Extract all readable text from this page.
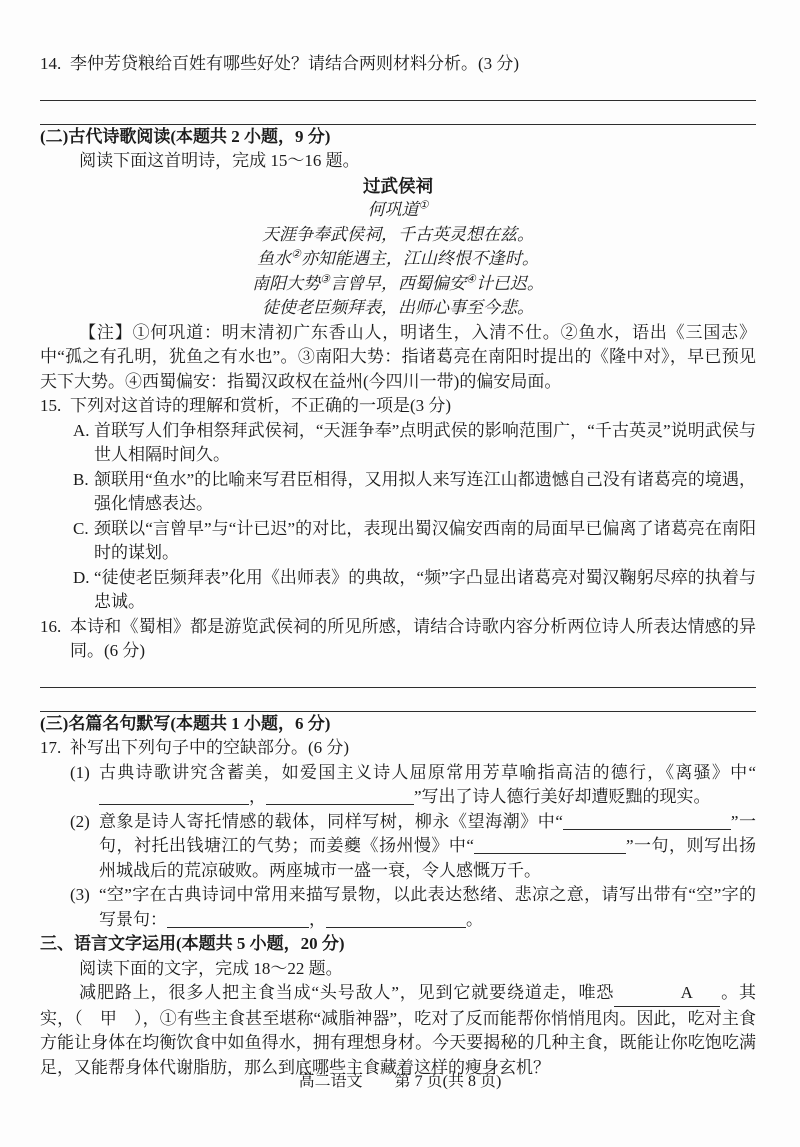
14. 李仲芳贷粮给百姓有哪些好处？请结合两则材料分析。(3 分)
(二)古代诗歌阅读(本题共 2 小题，9 分)

阅读下面这首明诗，完成 15～16 题。

过武侯祠
何巩道①
天涯争奉武侯祠，千古英灵想在兹。
鱼水②亦知能遇主，江山终恨不逢时。
南阳大势③言曾早，西蜀偏安④计已迟。
徒使老臣频拜表，出师心事至今悲。

【注】①何巩道：明末清初广东香山人，明诸生，入清不仕。②鱼水，语出《三国志》中“孤之有孔明，犹鱼之有水也”。③南阳大势：指诸葛亮在南阳时提出的《隆中对》，早已预见天下大势。④西蜀偏安：指蜀汉政权在益州(今四川一带)的偏安局面。

15. 下列对这首诗的理解和赏析，不正确的一项是(3 分)
A. 首联写人们争相祭拜武侯祠，“天涯争奉”点明武侯的影响范围广，“千古英灵”说明武侯与世人相隔时间久。
B. 颔联用“鱼水”的比喻来写君臣相得，又用拟人来写连江山都遗憾自己没有诸葛亮的境遇，强化情感表达。
C. 颈联以“言曾早”与“计已迟”的对比，表现出蜀汉偏安西南的局面早已偏离了诸葛亮在南阳时的谋划。
D. “徒使老臣频拜表”化用《出师表》的典故，“频”字凸显出诸葛亮对蜀汉鞠躬尽瘁的执着与忠诚。
16. 本诗和《蜀相》都是游览武侯祠的所见所感，请结合诗歌内容分析两位诗人所表达情感的异同。(6 分)
(三)名篇名句默写(本题共 1 小题，6 分)
17. 补写出下列句子中的空缺部分。(6 分)
(1) 古典诗歌讲究含蓄美，如爱国主义诗人屈原常用芳草喻指高洁的德行，《离骚》中“，	”写出了诗人德行美好却遭贬黜的现实。
(2) 意象是诗人寄托情感的载体，同样写树，柳永《望海潮》中“	”一句，衬托出钱塘江的气势；而姜夔《扬州慢》中“	”一句，则写出扬州城战后的荒凉破败。两座城市一盛一衰，令人感慨万千。
(3) “空”字在古典诗词中常用来描写景物，以此表达愁绪、悲凉之意，请写出带有“空”字的写景句：	，	。
三、语言文字运用(本题共 5 小题，20 分)

阅读下面的文字，完成 18～22 题。

减肥路上，很多人把主食当成“头号敌人”，见到它就要绕道走，唯恐	A 。其实，（　甲　），①有些主食甚至堪称“减脂神器”，吃对了反而能帮你悄悄甩肉。因此，吃对主食方能让身体在均衡饮食中如鱼得水，拥有理想身材。今天要揭秘的几种主食，既能让你吃饱吃满足，又能帮身体代谢脂肪，那么到底哪些主食藏着这样的瘦身玄机？

高二语文 第 7 页(共 8 页)
